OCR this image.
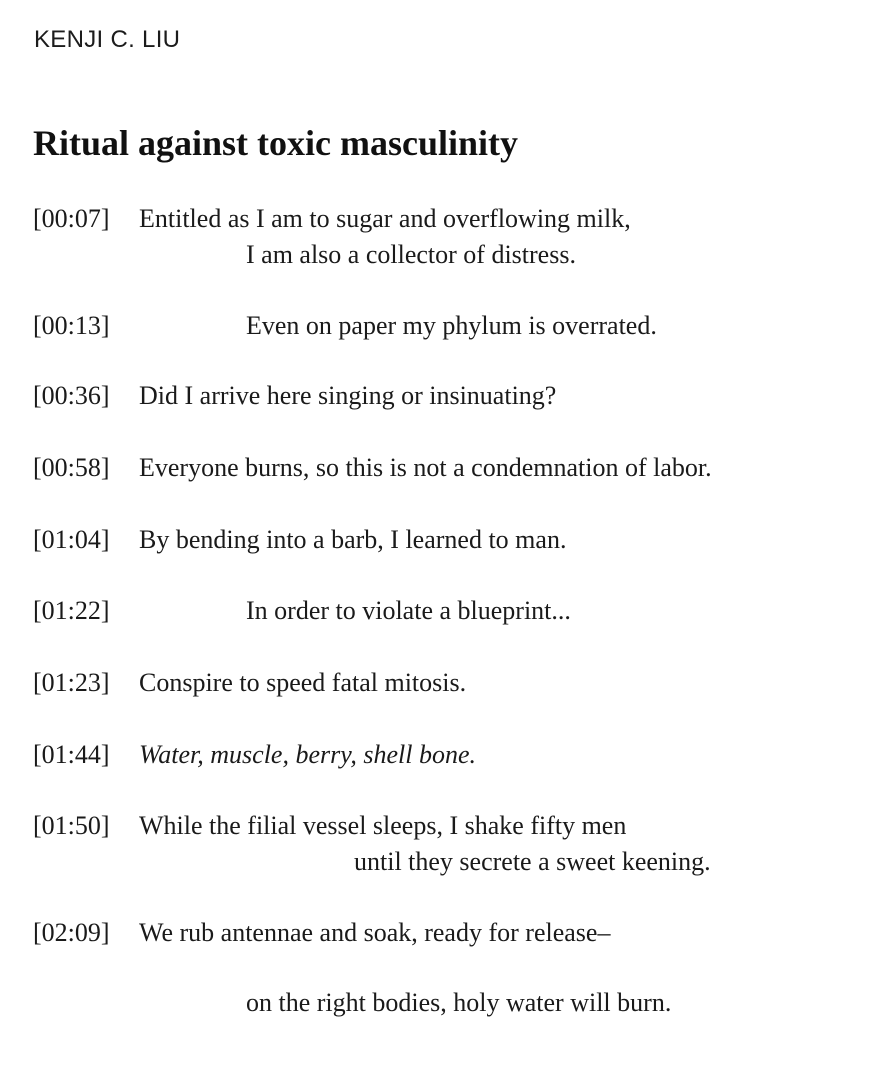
KENJI C. LIU
Ritual against toxic masculinity
[00:07] Entitled as I am to sugar and overflowing milk,
I am also a collector of distress.
[00:13]	Even on paper my phylum is overrated.
[00:36] Did I arrive here singing or insinuating?
[00:58] Everyone burns, so this is not a condemnation of labor.
[01:04] By bending into a barb, I learned to man.
[01:22]	In order to violate a blueprint...
[01:23] Conspire to speed fatal mitosis.
[01:44] Water, muscle, berry, shell bone.
[01:50] While the filial vessel sleeps, I shake fifty men
until they secrete a sweet keening.
[02:09] We rub antennae and soak, ready for release–
on the right bodies, holy water will burn.
